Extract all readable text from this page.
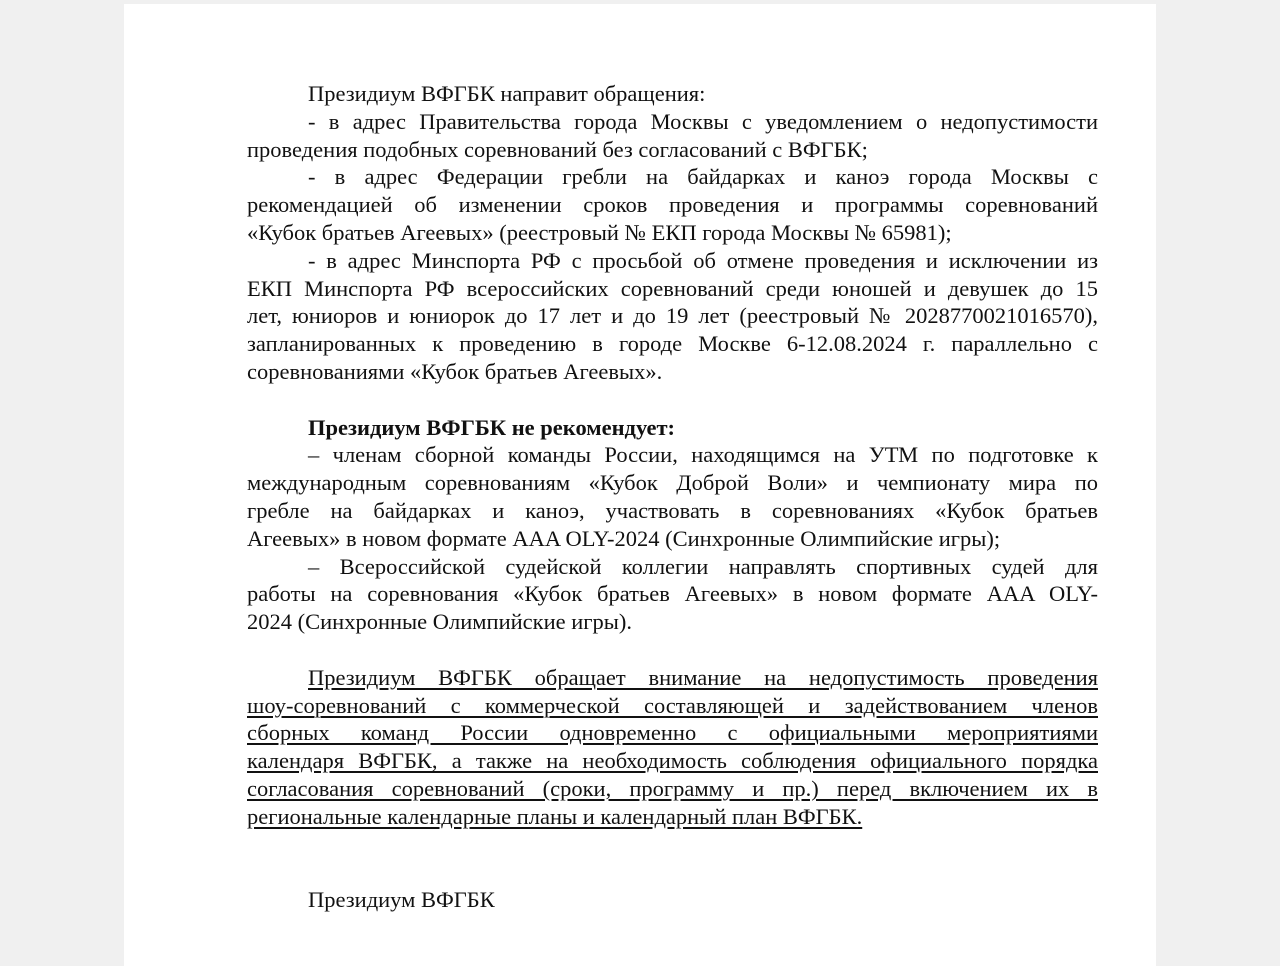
Президиум ВФГБК направит обращения:
- в адрес Правительства города Москвы с уведомлением о недопустимости
проведения подобных соревнований без согласований с ВФГБК;
- в адрес Федерации гребли на байдарках и каноэ города Москвы с
рекомендацией об изменении сроков проведения и программы соревнований
«Кубок братьев Агеевых» (реестровый № ЕКП города Москвы № 65981);
- в адрес Минспорта РФ с просьбой об отмене проведения и исключении из
ЕКП Минспорта РФ всероссийских соревнований среди юношей и девушек до 15
лет, юниоров и юниорок до 17 лет и до 19 лет (реестровый № 2028770021016570),
запланированных к проведению в городе Москве 6-12.08.2024 г. параллельно с
соревнованиями «Кубок братьев Агеевых».
Президиум ВФГБК не рекомендует:
– членам сборной команды России, находящимся на УТМ по подготовке к
международным соревнованиям «Кубок Доброй Воли» и чемпионату мира по
гребле на байдарках и каноэ, участвовать в соревнованиях «Кубок братьев
Агеевых» в новом формате AAA OLY-2024 (Синхронные Олимпийские игры);
– Всероссийской судейской коллегии направлять спортивных судей для
работы на соревнования «Кубок братьев Агеевых» в новом формате AAA OLY-
2024 (Синхронные Олимпийские игры).
Президиум ВФГБК обращает внимание на недопустимость проведения
шоу-соревнований с коммерческой составляющей и задействованием членов
сборных команд России одновременно с официальными мероприятиями
календаря ВФГБК, а также на необходимость соблюдения официального порядка
согласования соревнований (сроки, программу и пр.) перед включением их в
региональные календарные планы и календарный план ВФГБК.
Президиум ВФГБК
